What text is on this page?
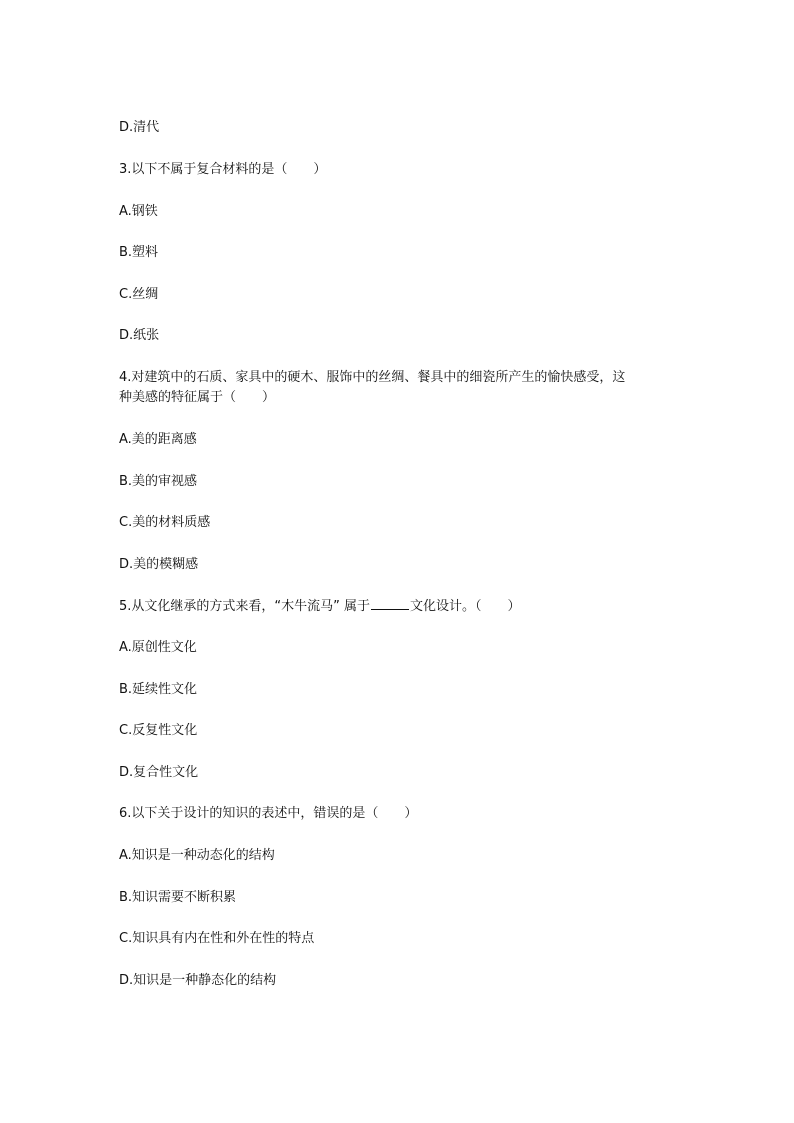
D.清代

3.以下不属于复合材料的是（　　）

A.钢铁

B.塑料

C.丝绸

D.纸张

4.对建筑中的石质、家具中的硬木、服饰中的丝绸、餐具中的细瓷所产生的愉快感受，这

种美感的特征属于（　　）

A.美的距离感

B.美的审视感

C.美的材料质感

D.美的模糊感

5.从文化继承的方式来看，“木牛流马” 属于	文化设计。（　　）

A.原创性文化

B.延续性文化

C.反复性文化

D.复合性文化

6.以下关于设计的知识的表述中，错误的是（　　）

A.知识是一种动态化的结构

B.知识需要不断积累

C.知识具有内在性和外在性的特点

D.知识是一种静态化的结构
